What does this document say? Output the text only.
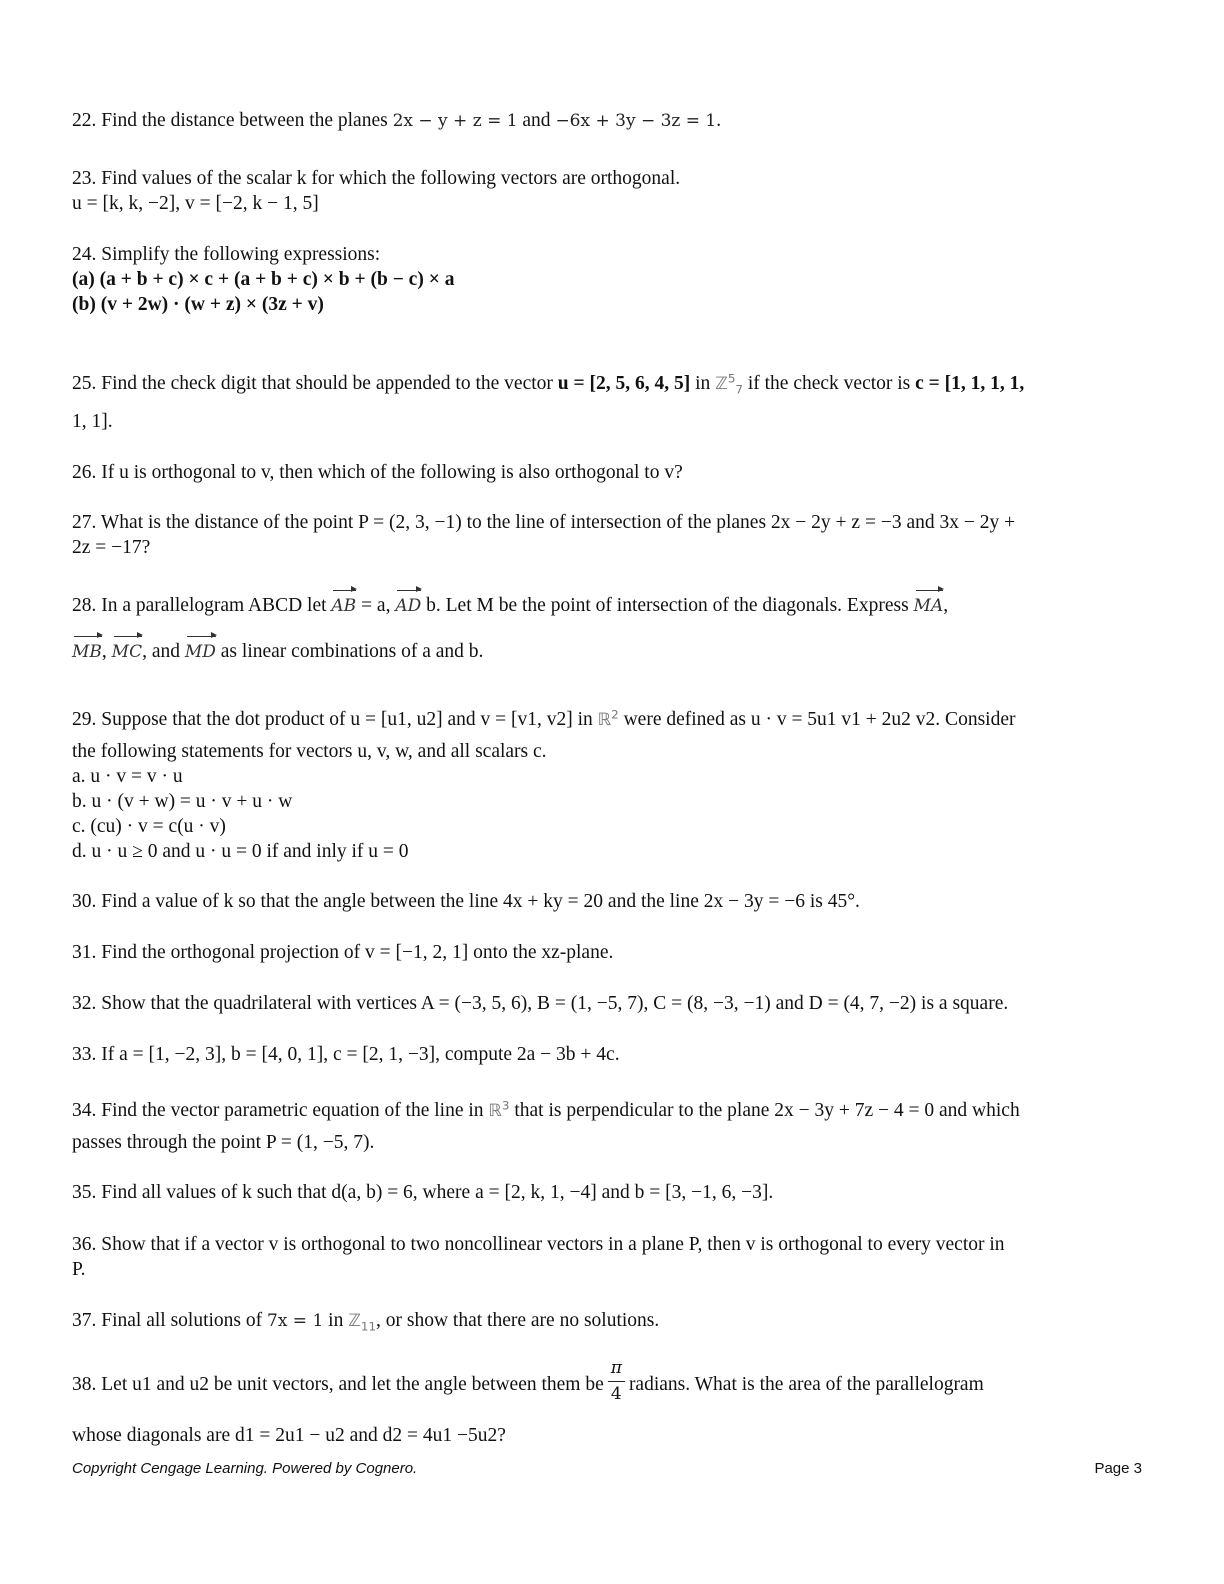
22. Find the distance between the planes 2x − y + z = 1 and −6x + 3y − 3z = 1.
23. Find values of the scalar k for which the following vectors are orthogonal.
u = [k, k, −2], v = [−2, k − 1, 5]
24. Simplify the following expressions:
(a) (a + b + c) × c + (a + b + c) × b + (b − c) × a
(b) (v + 2w) · (w + z) × (3z + v)
25. Find the check digit that should be appended to the vector u = [2, 5, 6, 4, 5] in ℤ$^5_7$ if the check vector is c = [1, 1, 1, 1,
1, 1].
26. If u is orthogonal to v, then which of the following is also orthogonal to v?
27. What is the distance of the point P = (2, 3, −1) to the line of intersection of the planes 2x − 2y + z = −3 and 3x − 2y +
2z = −17?
28. In a parallelogram ABCD let AB = a, AD b. Let M be the point of intersection of the diagonals. Express MA,
MB, MC, and MD as linear combinations of a and b.
29. Suppose that the dot product of u = [u1, u2] and v = [v1, v2] in ℝ$^2$ were defined as u · v = 5u1 v1 + 2u2 v2. Consider
the following statements for vectors u, v, w, and all scalars c.
a. u · v = v · u
b. u · (v + w) = u · v + u · w
c. (cu) · v = c(u · v)
d. u · u ≥ 0 and u · u = 0 if and inly if u = 0
30. Find a value of k so that the angle between the line 4x + ky = 20 and the line 2x − 3y = −6 is 45°.
31. Find the orthogonal projection of v = [−1, 2, 1] onto the xz-plane.
32. Show that the quadrilateral with vertices A = (−3, 5, 6), B = (1, −5, 7), C = (8, −3, −1) and D = (4, 7, −2) is a square.
33. If a = [1, −2, 3], b = [4, 0, 1], c = [2, 1, −3], compute 2a − 3b + 4c.
34. Find the vector parametric equation of the line in ℝ$^3$ that is perpendicular to the plane 2x − 3y + 7z − 4 = 0 and which
passes through the point P = (1, −5, 7).
35. Find all values of k such that d(a, b) = 6, where a = [2, k, 1, −4] and b = [3, −1, 6, −3].
36. Show that if a vector v is orthogonal to two noncollinear vectors in a plane P, then v is orthogonal to every vector in
P.
37. Final all solutions of 7x = 1 in ℤ$_{11}$, or show that there are no solutions.
38. Let u1 and u2 be unit vectors, and let the angle between them be $\frac{\pi}{4}$ radians. What is the area of the parallelogram
whose diagonals are d1 = 2u1 − u2 and d2 = 4u1 −5u2?
Copyright Cengage Learning. Powered by Cognero.	Page 3
